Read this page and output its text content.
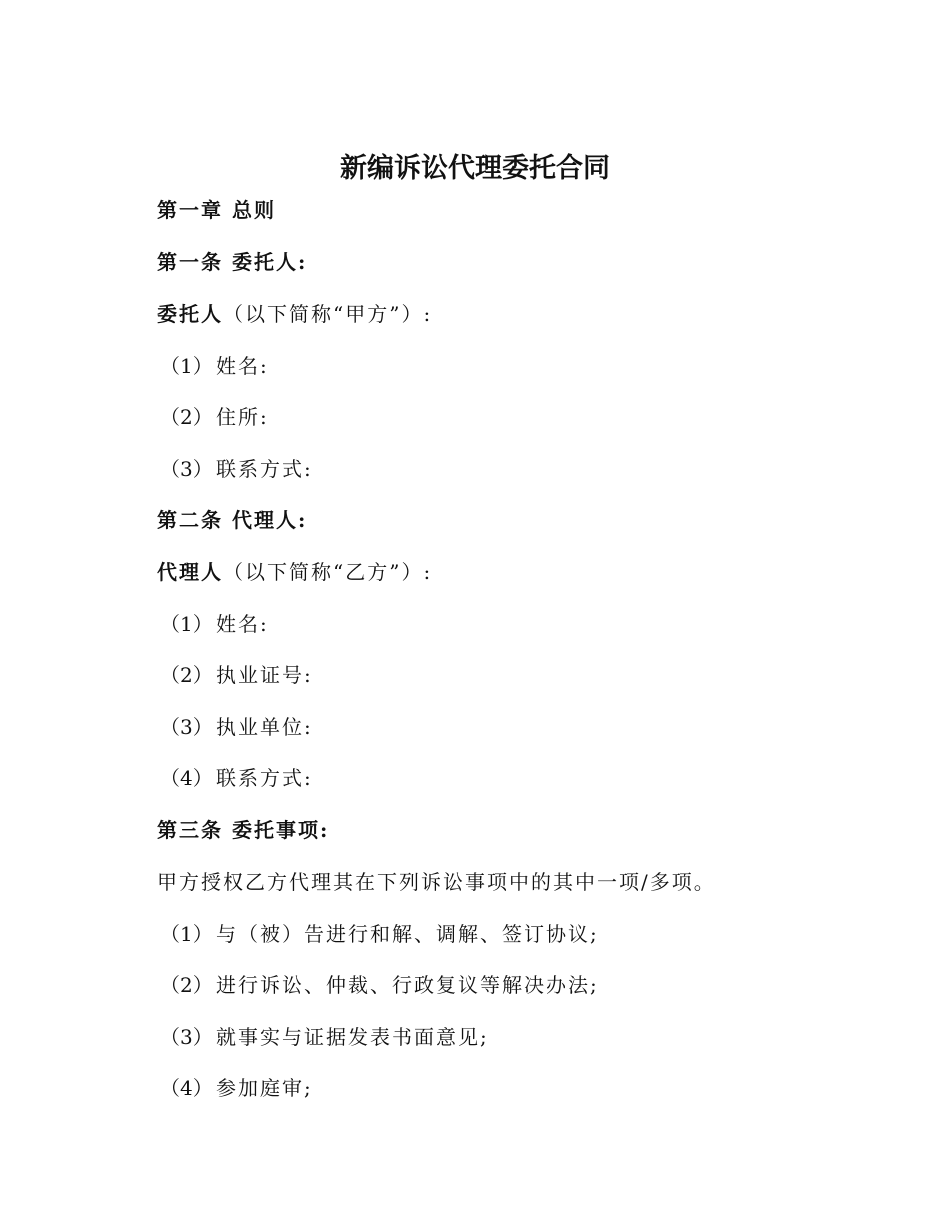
新编诉讼代理委托合同
第一章 总则
第一条 委托人:
委托人（以下简称“甲方”）:
（1） 姓名:
（2） 住所:
（3） 联系方式:
第二条 代理人:
代理人（以下简称“乙方”）:
（1） 姓名:
（2） 执业证号:
（3） 执业单位:
（4） 联系方式:
第三条 委托事项:
甲方授权乙方代理其在下列诉讼事项中的其中一项/多项。
（1） 与（被）告进行和解、调解、签订协议;
（2） 进行诉讼、仲裁、行政复议等解决办法;
（3） 就事实与证据发表书面意见;
（4） 参加庭审;
